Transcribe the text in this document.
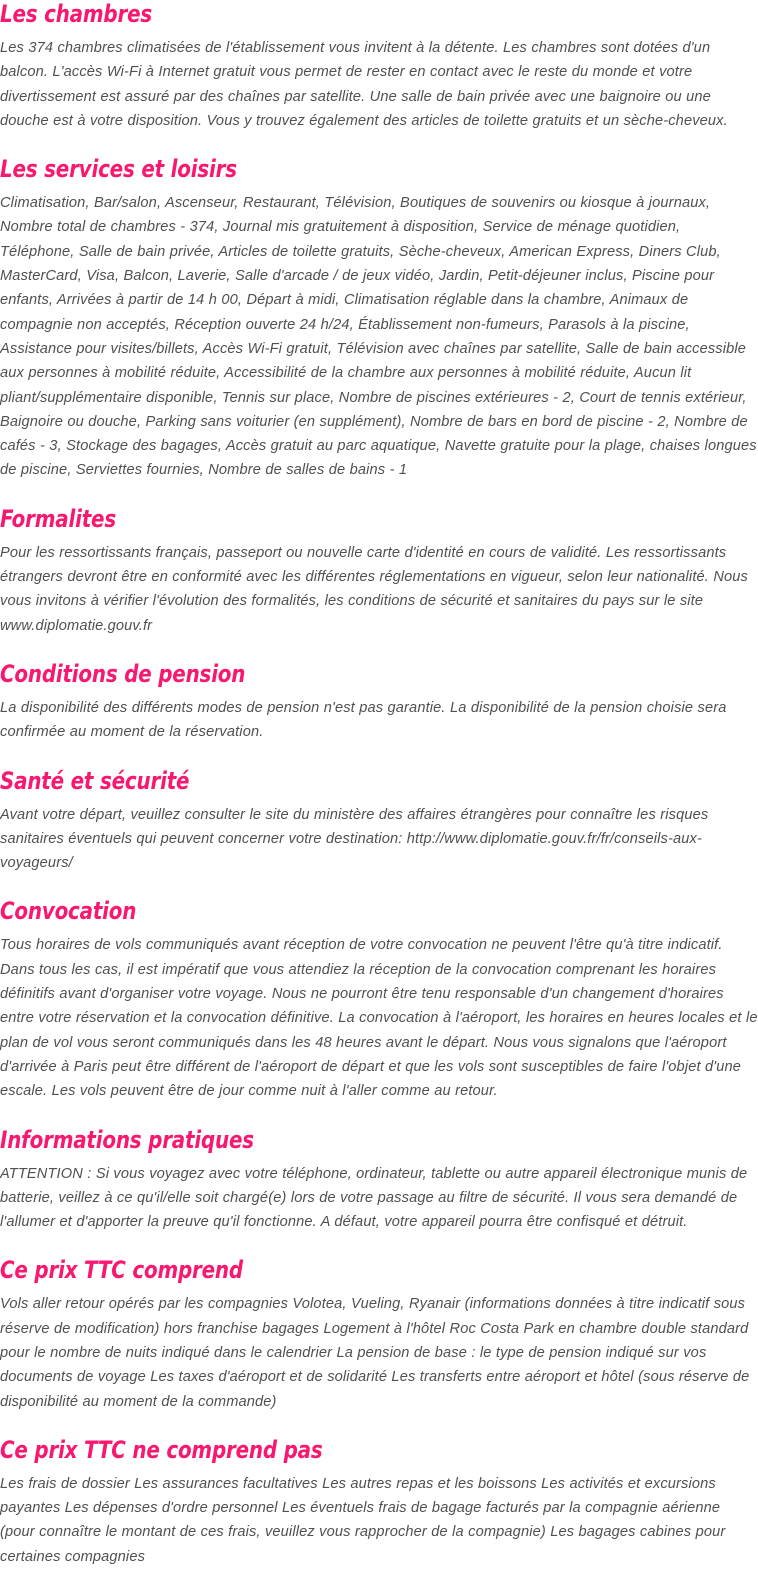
Les chambres

Les 374 chambres climatisées de l'établissement vous invitent à la détente. Les chambres sont dotées d'un balcon. L'accès Wi-Fi à Internet gratuit vous permet de rester en contact avec le reste du monde et votre divertissement est assuré par des chaînes par satellite. Une salle de bain privée avec une baignoire ou une douche est à votre disposition. Vous y trouvez également des articles de toilette gratuits et un sèche-cheveux.

Les services et loisirs

Climatisation, Bar/salon, Ascenseur, Restaurant, Télévision, Boutiques de souvenirs ou kiosque à journaux, Nombre total de chambres - 374, Journal mis gratuitement à disposition, Service de ménage quotidien, Téléphone, Salle de bain privée, Articles de toilette gratuits, Sèche-cheveux, American Express, Diners Club, MasterCard, Visa, Balcon, Laverie, Salle d'arcade / de jeux vidéo, Jardin, Petit-déjeuner inclus, Piscine pour enfants, Arrivées à partir de 14 h 00, Départ à midi, Climatisation réglable dans la chambre, Animaux de compagnie non acceptés, Réception ouverte 24 h/24, Établissement non-fumeurs, Parasols à la piscine, Assistance pour visites/billets, Accès Wi-Fi gratuit, Télévision avec chaînes par satellite, Salle de bain accessible aux personnes à mobilité réduite, Accessibilité de la chambre aux personnes à mobilité réduite, Aucun lit pliant/supplémentaire disponible, Tennis sur place, Nombre de piscines extérieures - 2, Court de tennis extérieur, Baignoire ou douche, Parking sans voiturier (en supplément), Nombre de bars en bord de piscine - 2, Nombre de cafés - 3, Stockage des bagages, Accès gratuit au parc aquatique, Navette gratuite pour la plage, chaises longues de piscine, Serviettes fournies, Nombre de salles de bains - 1

Formalites

Pour les ressortissants français, passeport ou nouvelle carte d'identité en cours de validité. Les ressortissants étrangers devront être en conformité avec les différentes réglementations en vigueur, selon leur nationalité. Nous vous invitons à vérifier l'évolution des formalités, les conditions de sécurité et sanitaires du pays sur le site www.diplomatie.gouv.fr

Conditions de pension

La disponibilité des différents modes de pension n'est pas garantie. La disponibilité de la pension choisie sera confirmée au moment de la réservation.

Santé et sécurité

Avant votre départ, veuillez consulter le site du ministère des affaires étrangères pour connaître les risques sanitaires éventuels qui peuvent concerner votre destination: http://www.diplomatie.gouv.fr/fr/conseils-aux-voyageurs/

Convocation

Tous horaires de vols communiqués avant réception de votre convocation ne peuvent l'être qu'à titre indicatif. Dans tous les cas, il est impératif que vous attendiez la réception de la convocation comprenant les horaires définitifs avant d'organiser votre voyage. Nous ne pourront être tenu responsable d'un changement d'horaires entre votre réservation et la convocation définitive. La convocation à l'aéroport, les horaires en heures locales et le plan de vol vous seront communiqués dans les 48 heures avant le départ. Nous vous signalons que l'aéroport d'arrivée à Paris peut être différent de l'aéroport de départ et que les vols sont susceptibles de faire l'objet d'une escale. Les vols peuvent être de jour comme nuit à l'aller comme au retour.

Informations pratiques

ATTENTION : Si vous voyagez avec votre téléphone, ordinateur, tablette ou autre appareil électronique munis de batterie, veillez à ce qu'il/elle soit chargé(e) lors de votre passage au filtre de sécurité. Il vous sera demandé de l'allumer et d'apporter la preuve qu'il fonctionne. A défaut, votre appareil pourra être confisqué et détruit.

Ce prix TTC comprend

Vols aller retour opérés par les compagnies Volotea, Vueling, Ryanair (informations données à titre indicatif sous réserve de modification) hors franchise bagages Logement à l'hôtel Roc Costa Park en chambre double standard pour le nombre de nuits indiqué dans le calendrier La pension de base : le type de pension indiqué sur vos documents de voyage Les taxes d'aéroport et de solidarité Les transferts entre aéroport et hôtel (sous réserve de disponibilité au moment de la commande)

Ce prix TTC ne comprend pas

Les frais de dossier Les assurances facultatives Les autres repas et les boissons Les activités et excursions payantes Les dépenses d'ordre personnel Les éventuels frais de bagage facturés par la compagnie aérienne (pour connaître le montant de ces frais, veuillez vous rapprocher de la compagnie) Les bagages cabines pour certaines compagnies
